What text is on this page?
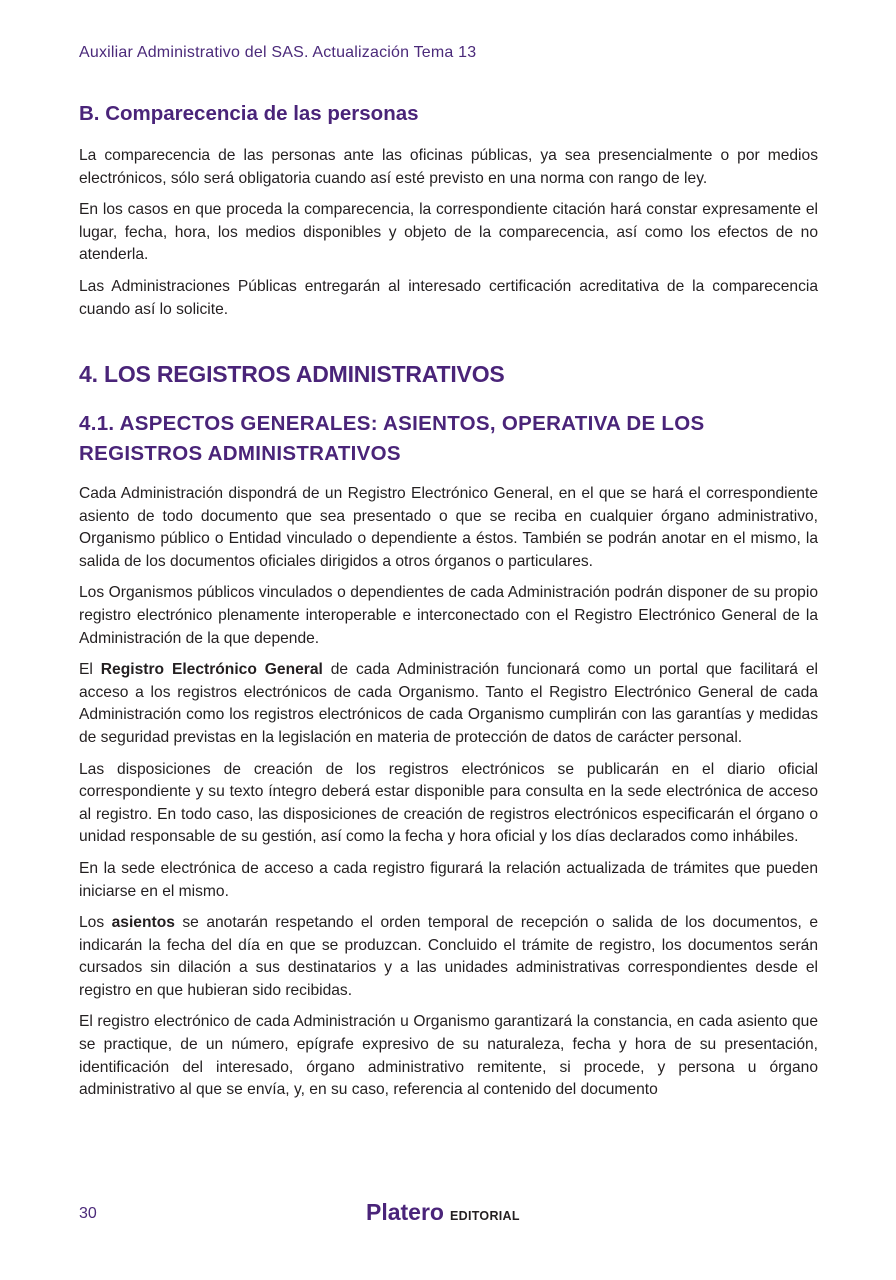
Auxiliar Administrativo del SAS. Actualización Tema 13
B. Comparecencia de las personas

La comparecencia de las personas ante las oficinas públicas, ya sea presencialmente o por medios electrónicos, sólo será obligatoria cuando así esté previsto en una norma con rango de ley.

En los casos en que proceda la comparecencia, la correspondiente citación hará constar expresamente el lugar, fecha, hora, los medios disponibles y objeto de la comparecencia, así como los efectos de no atenderla.

Las Administraciones Públicas entregarán al interesado certificación acreditativa de la comparecencia cuando así lo solicite.

4. LOS REGISTROS ADMINISTRATIVOS
4.1. ASPECTOS GENERALES: ASIENTOS, OPERATIVA DE LOS REGISTROS ADMINISTRATIVOS

Cada Administración dispondrá de un Registro Electrónico General, en el que se hará el correspondiente asiento de todo documento que sea presentado o que se reciba en cualquier órgano administrativo, Organismo público o Entidad vinculado o dependiente a éstos. También se podrán anotar en el mismo, la salida de los documentos oficiales dirigidos a otros órganos o particulares.

Los Organismos públicos vinculados o dependientes de cada Administración podrán disponer de su propio registro electrónico plenamente interoperable e interconectado con el Registro Electrónico General de la Administración de la que depende.

El Registro Electrónico General de cada Administración funcionará como un portal que facilitará el acceso a los registros electrónicos de cada Organismo. Tanto el Registro Electrónico General de cada Administración como los registros electrónicos de cada Organismo cumplirán con las garantías y medidas de seguridad previstas en la legislación en materia de protección de datos de carácter personal.

Las disposiciones de creación de los registros electrónicos se publicarán en el diario oficial correspondiente y su texto íntegro deberá estar disponible para consulta en la sede electrónica de acceso al registro. En todo caso, las disposiciones de creación de registros electrónicos especificarán el órgano o unidad responsable de su gestión, así como la fecha y hora oficial y los días declarados como inhábiles.

En la sede electrónica de acceso a cada registro figurará la relación actualizada de trámites que pueden iniciarse en el mismo.

Los asientos se anotarán respetando el orden temporal de recepción o salida de los documentos, e indicarán la fecha del día en que se produzcan. Concluido el trámite de registro, los documentos serán cursados sin dilación a sus destinatarios y a las unidades administrativas correspondientes desde el registro en que hubieran sido recibidas.

El registro electrónico de cada Administración u Organismo garantizará la constancia, en cada asiento que se practique, de un número, epígrafe expresivo de su naturaleza, fecha y hora de su presentación, identificación del interesado, órgano administrativo remitente, si procede, y persona u órgano administrativo al que se envía, y, en su caso, referencia al contenido del documento

30	Platero EDITORIAL
